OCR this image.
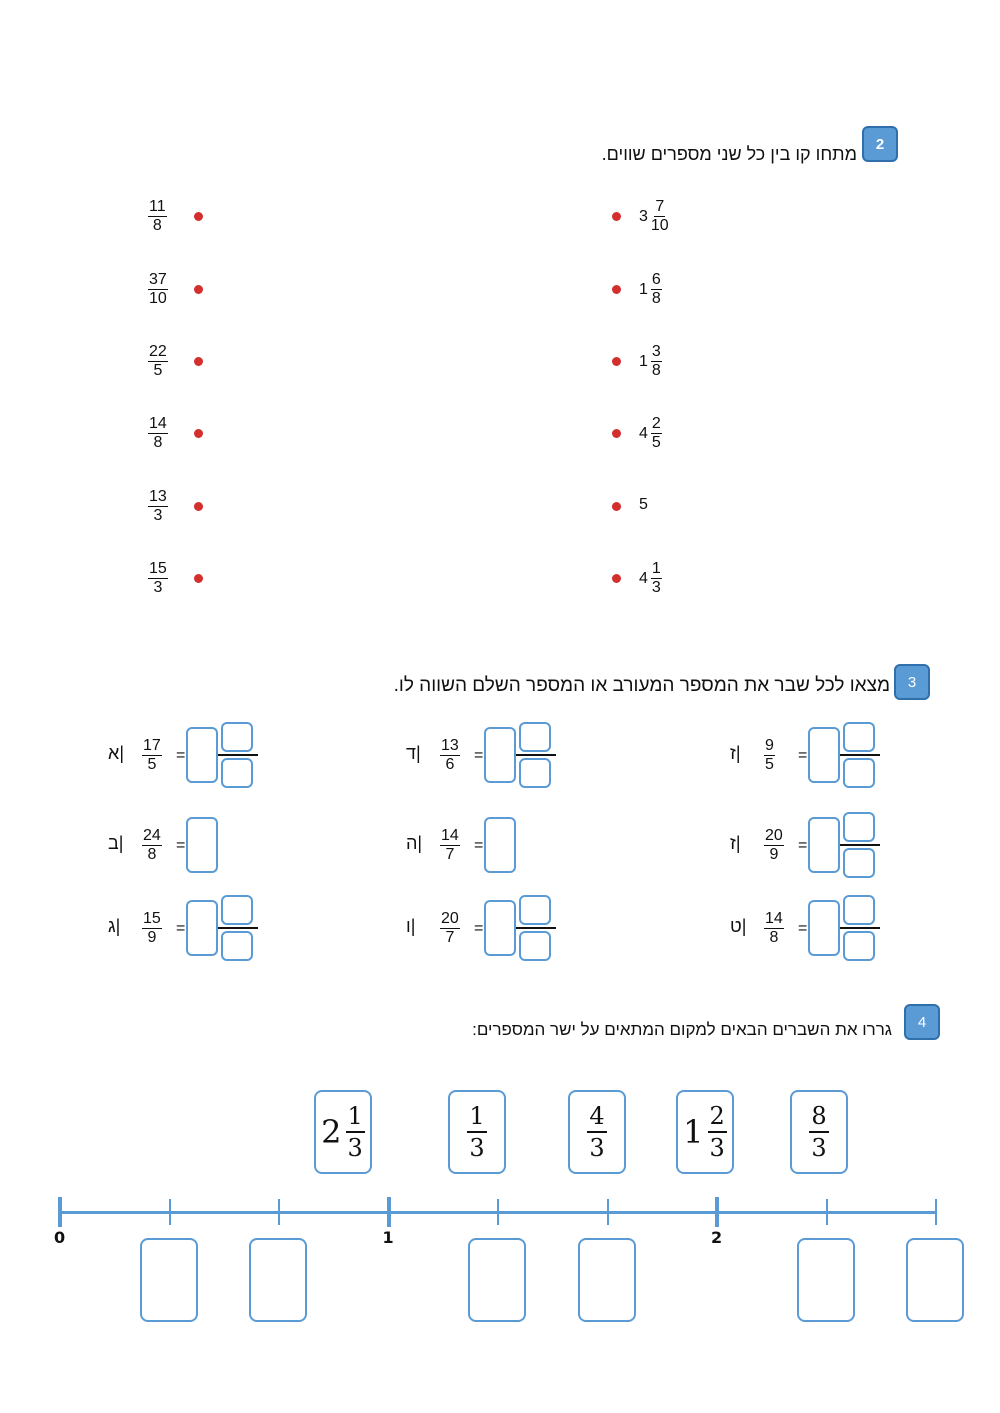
2
מתחו קו בין כל שני מספרים שווים.
$\frac{11}{8}$
$\frac{37}{10}$
$\frac{22}{5}$
$\frac{14}{8}$
$\frac{13}{3}$
$\frac{15}{3}$
$3 \frac{7}{10}$
$1 \frac{6}{8}$
$1 \frac{3}{8}$
$4 \frac{2}{5}$
5
$4 \frac{1}{3}$
3
מצאו לכל שבר את המספר המעורב או המספר השלם השווה לו.
א| $\frac{17}{5}$ =
ב| $\frac{24}{8}$ =
ג| $\frac{15}{9}$ =
ד| $\frac{13}{6}$ =
ה| $\frac{14}{7}$ =
ו| $\frac{20}{7}$ =
ז| $\frac{9}{5}$ =
ז| $\frac{20}{9}$ =
ט| $\frac{14}{8}$ =
4
גררו את השברים הבאים למקום המתאים על ישר המספרים:
$2 \frac{1}{3}$	$\frac{1}{3}$	$\frac{4}{3} 1 \frac{2}{3}$	$\frac{8}{3}$
0	1	2
